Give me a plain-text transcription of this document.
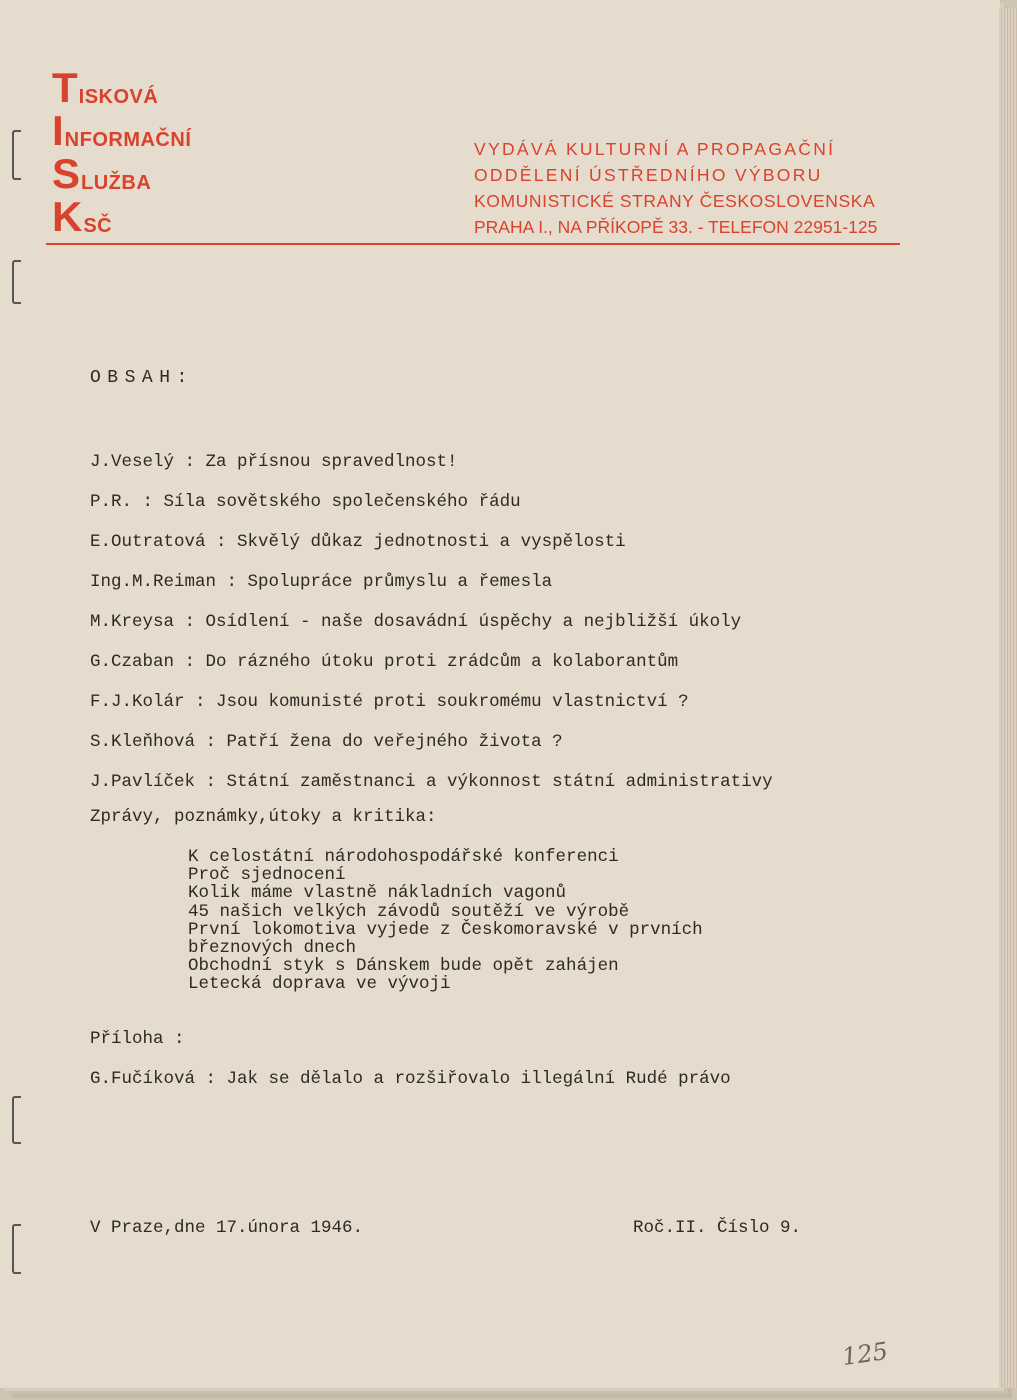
TISKOVÁ
INFORMAČNÍ
SLUŽBA
KSČ
VYDÁVÁ KULTURNÍ A PROPAGAČNÍ
ODDĚLENÍ ÚSTŘEDNÍHO VÝBORU
KOMUNISTICKÉ STRANY ČESKOSLOVENSKA
PRAHA I., NA PŘÍKOPĚ 33. - TELEFON 22951-125
OBSAH:
J.Veselý : Za přísnou spravedlnost!
P.R. : Síla sovětského společenského řádu
E.Outratová : Skvělý důkaz jednotnosti a vyspělosti
Ing.M.Reiman : Spolupráce průmyslu a řemesla
M.Kreysa : Osídlení - naše dosavádní úspěchy a nejbližší úkoly
G.Czaban : Do rázného útoku proti zrádcům a kolaborantům
F.J.Kolár : Jsou komunisté proti soukromému vlastnictví ?
S.Kleňhová : Patří žena do veřejného života ?
J.Pavlíček : Státní zaměstnanci a výkonnost státní administrativy
Zprávy, poznámky,útoky a kritika:
K celostátní národohospodářské konferenci
Proč sjednocení
Kolik máme vlastně nákladních vagonů
45 našich velkých závodů soutěží ve výrobě
První lokomotiva vyjede z Českomoravské v prvních
březnových dnech
Obchodní styk s Dánskem bude opět zahájen
Letecká doprava ve vývoji
Příloha :
G.Fučíková : Jak se dělalo a rozšiřovalo illegální Rudé právo
V Praze,dne 17.února 1946.	Roč.II. Číslo 9.
125
